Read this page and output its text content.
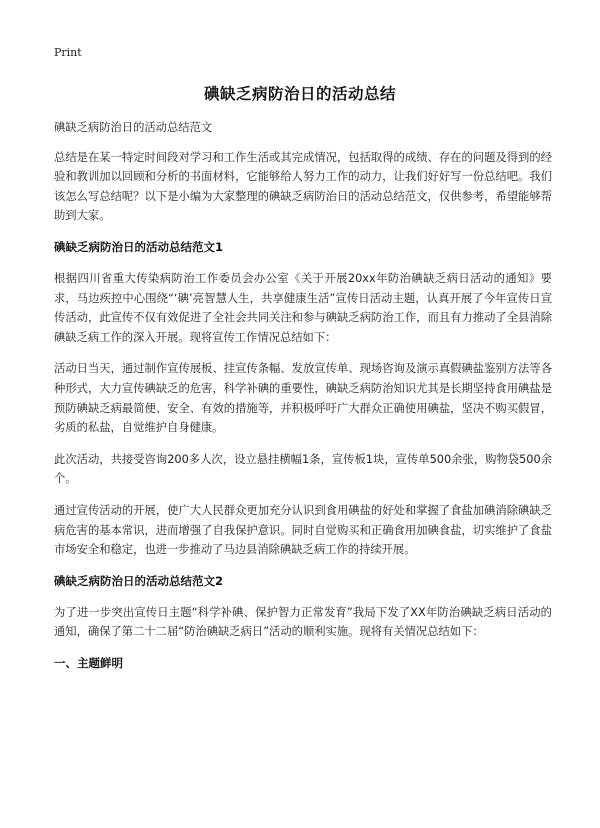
Print
碘缺乏病防治日的活动总结

碘缺乏病防治日的活动总结范文

总结是在某一特定时间段对学习和工作生活或其完成情况，包括取得的成绩、存在的问题及得到的经验和教训加以回顾和分析的书面材料，它能够给人努力工作的动力，让我们好好写一份总结吧。我们该怎么写总结呢？以下是小编为大家整理的碘缺乏病防治日的活动总结范文，仅供参考，希望能够帮助到大家。

碘缺乏病防治日的活动总结范文1

根据四川省重大传染病防治工作委员会办公室《关于开展20xx年防治碘缺乏病日活动的通知》要求，马边疾控中心围绕“‘碘’亮智慧人生，共享健康生活”宣传日活动主题，认真开展了今年宣传日宣传活动，此宣传不仅有效促进了全社会共同关注和参与碘缺乏病防治工作，而且有力推动了全县消除碘缺乏病工作的深入开展。现将宣传工作情况总结如下：

活动日当天，通过制作宣传展板、挂宣传条幅、发放宣传单、现场咨询及演示真假碘盐鉴别方法等各种形式，大力宣传碘缺乏的危害，科学补碘的重要性，碘缺乏病防治知识尤其是长期坚持食用碘盐是预防碘缺乏病最简便、安全、有效的措施等，并积极呼吁广大群众正确使用碘盐，坚决不购买假冒，劣质的私盐，自觉维护自身健康。

此次活动，共接受咨询200多人次，设立悬挂横幅1条，宣传板1块，宣传单500余张，购物袋500余个。

通过宣传活动的开展，使广大人民群众更加充分认识到食用碘盐的好处和掌握了食盐加碘消除碘缺乏病危害的基本常识，进而增强了自我保护意识。同时自觉购买和正确食用加碘食盐，切实维护了食盐市场安全和稳定，也进一步推动了马边县消除碘缺乏病工作的持续开展。

碘缺乏病防治日的活动总结范文2

为了进一步突出宣传日主题“科学补碘、保护智力正常发育”我局下发了XX年防治碘缺乏病日活动的通知，确保了第二十二届“防治碘缺乏病日”活动的顺利实施。现将有关情况总结如下：

一、主题鲜明
